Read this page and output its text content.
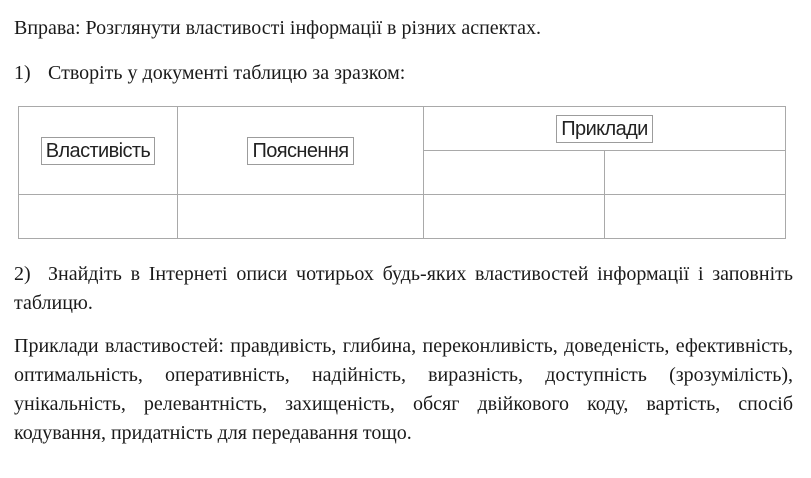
Вправа: Розглянути властивості інформації в різних аспектах.
1) Створіть у документі таблицю за зразком:
Властивість	Пояснення	Приклади	

2) Знайдіть в Інтернеті описи чотирьох будь-яких властивостей інформації і заповніть таблицю.
Приклади властивостей: правдивість, глибина, переконливість, доведеність, ефективність, оптимальність, оперативність, надійність, виразність, доступність (зрозумілість), унікальність, релевантність, захищеність, обсяг двійкового коду, вартість, спосіб кодування, придатність для передавання тощо.
